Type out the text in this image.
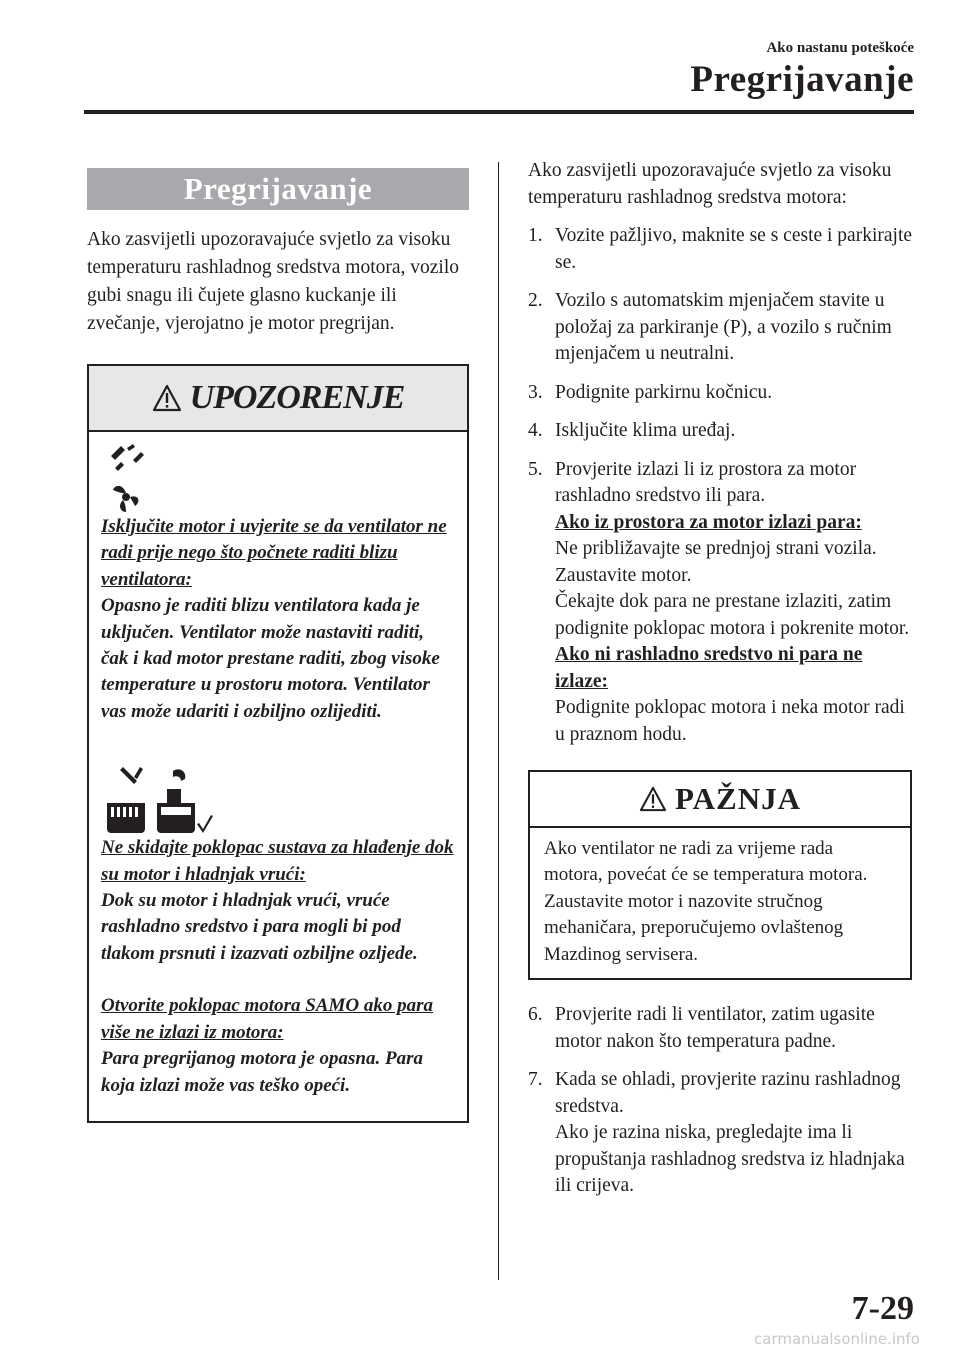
Ako nastanu poteškoće
Pregrijavanje
Pregrijavanje

Ako zasvijetli upozoravajuće svjetlo za visoku temperaturu rashladnog sredstva motora, vozilo gubi snagu ili čujete glasno kuckanje ili zvečanje, vjerojatno je motor pregrijan.

UPOZORENJE

Isključite motor i uvjerite se da ventilator ne radi prije nego što počnete raditi blizu ventilatora:

Opasno je raditi blizu ventilatora kada je uključen. Ventilator može nastaviti raditi, čak i kad motor prestane raditi, zbog visoke temperature u prostoru motora. Ventilator vas može udariti i ozbiljno ozlijediti.

Ne skidajte poklopac sustava za hlađenje dok su motor i hladnjak vrući:

Dok su motor i hladnjak vrući, vruće rashladno sredstvo i para mogli bi pod tlakom prsnuti i izazvati ozbiljne ozljede.

Otvorite poklopac motora SAMO ako para više ne izlazi iz motora:

Para pregrijanog motora je opasna. Para koja izlazi može vas teško opeći.

Ako zasvijetli upozoravajuće svjetlo za visoku temperaturu rashladnog sredstva motora:

1. Vozite pažljivo, maknite se s ceste i parkirajte se.
2. Vozilo s automatskim mjenjačem stavite u položaj za parkiranje (P), a vozilo s ručnim mjenjačem u neutralni.
3. Podignite parkirnu kočnicu.
4. Isključite klima uređaj.
5. Provjerite izlazi li iz prostora za motor rashladno sredstvo ili para.

Ako iz prostora za motor izlazi para:

Ne približavajte se prednjoj strani vozila. Zaustavite motor.

Čekajte dok para ne prestane izlaziti, zatim podignite poklopac motora i pokrenite motor.

Ako ni rashladno sredstvo ni para ne izlaze:

Podignite poklopac motora i neka motor radi u praznom hodu.

PAŽNJA
Ako ventilator ne radi za vrijeme rada motora, povećat će se temperatura motora. Zaustavite motor i nazovite stručnog mehaničara, preporučujemo ovlaštenog Mazdinog servisera.
6. Provjerite radi li ventilator, zatim ugasite motor nakon što temperatura padne.
7. Kada se ohladi, provjerite razinu rashladnog sredstva.

Ako je razina niska, pregledajte ima li propuštanja rashladnog sredstva iz hladnjaka ili crijeva.

7-29
carmanualsonline.info
